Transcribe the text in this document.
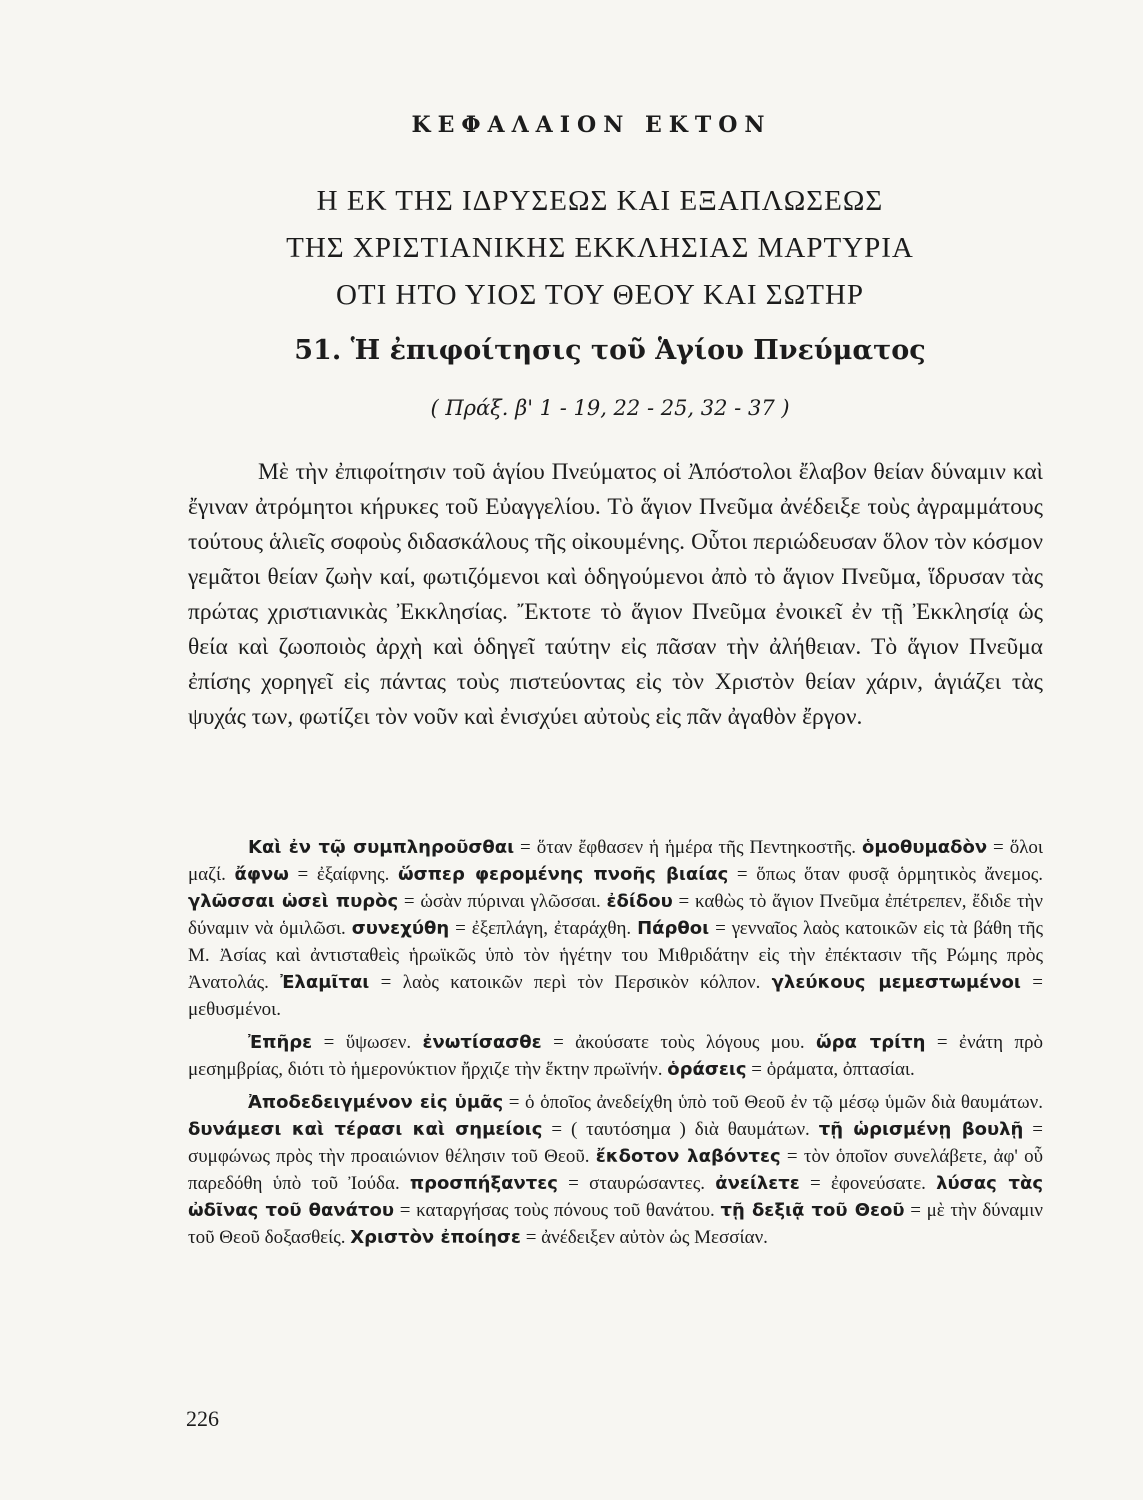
ΚΕΦΑΛΑΙΟΝ ΕΚΤΟΝ
Η ΕΚ ΤΗΣ ΙΔΡΥΣΕΩΣ ΚΑΙ ΕΞΑΠΛΩΣΕΩΣ
ΤΗΣ ΧΡΙΣΤΙΑΝΙΚΗΣ ΕΚΚΛΗΣΙΑΣ ΜΑΡΤΥΡΙΑ
ΟΤΙ ΗΤΟ ΥΙΟΣ ΤΟΥ ΘΕΟΥ ΚΑΙ ΣΩΤΗΡ
51. Ἡ ἐπιφοίτησις τοῦ Ἁγίου Πνεύματος
( Πράξ. β' 1 - 19, 22 - 25, 32 - 37 )

Μὲ τὴν ἐπιφοίτησιν τοῦ ἁγίου Πνεύματος οἱ Ἀπόστολοι ἔλαβον θείαν δύναμιν καὶ ἔγιναν ἀτρόμητοι κήρυκες τοῦ Εὐαγγελίου. Τὸ ἅγιον Πνεῦμα ἀνέδειξε τοὺς ἀγραμμάτους τούτους ἁλιεῖς σοφοὺς διδασκάλους τῆς οἰκουμένης. Οὗτοι περιώδευσαν ὅλον τὸν κόσμον γεμᾶτοι θείαν ζωὴν καί, φωτιζόμενοι καὶ ὁδηγούμενοι ἀπὸ τὸ ἅγιον Πνεῦμα, ἵδρυσαν τὰς πρώτας χριστιανικὰς Ἐκκλησίας. Ἔκτοτε τὸ ἅγιον Πνεῦμα ἐνοικεῖ ἐν τῇ Ἐκκλησίᾳ ὡς θεία καὶ ζωοποιὸς ἀρχὴ καὶ ὁδηγεῖ ταύτην εἰς πᾶσαν τὴν ἀλήθειαν. Τὸ ἅγιον Πνεῦμα ἐπίσης χορηγεῖ εἰς πάντας τοὺς πιστεύοντας εἰς τὸν Χριστὸν θείαν χάριν, ἁγιάζει τὰς ψυχάς των, φωτίζει τὸν νοῦν καὶ ἐνισχύει αὐτοὺς εἰς πᾶν ἀγαθὸν ἔργον.

Καὶ ἐν τῷ συμπληροῦσθαι = ὅταν ἔφθασεν ἡ ἡμέρα τῆς Πεντηκοστῆς. ὁμοθυμαδὸν = ὅλοι μαζί. ἄφνω = ἐξαίφνης. ὥσπερ φερομένης πνοῆς βιαίας = ὅπως ὅταν φυσᾷ ὁρμητικὸς ἄνεμος. γλῶσσαι ὡσεὶ πυρὸς = ὡσὰν πύριναι γλῶσσαι. ἐδίδου = καθὼς τὸ ἅγιον Πνεῦμα ἐπέτρεπεν, ἔδιδε τὴν δύναμιν νὰ ὁμιλῶσι. συνεχύθη = ἐξεπλάγη, ἐταράχθη. Πάρθοι = γενναῖος λαὸς κατοικῶν εἰς τὰ βάθη τῆς Μ. Ἀσίας καὶ ἀντισταθεὶς ἡρωϊκῶς ὑπὸ τὸν ἡγέτην του Μιθριδάτην εἰς τὴν ἐπέκτασιν τῆς Ρώμης πρὸς Ἀνατολάς. Ἐλαμῖται = λαὸς κατοικῶν περὶ τὸν Περσικὸν κόλπον. γλεύκους μεμεστωμένοι = μεθυσμένοι.

Ἐπῆρε = ὕψωσεν. ἐνωτίσασθε = ἀκούσατε τοὺς λόγους μου. ὥρα τρίτη = ἐνάτη πρὸ μεσημβρίας, διότι τὸ ἡμερονύκτιον ἤρχιζε τὴν ἕκτην πρωϊνήν. ὁράσεις = ὁράματα, ὀπτασίαι.

Ἀποδεδειγμένον εἰς ὑμᾶς = ὁ ὁποῖος ἀνεδείχθη ὑπὸ τοῦ Θεοῦ ἐν τῷ μέσῳ ὑμῶν διὰ θαυμάτων. δυνάμεσι καὶ τέρασι καὶ σημείοις = ( ταυτόσημα ) διὰ θαυμάτων. τῇ ὡρισμένῃ βουλῇ = συμφώνως πρὸς τὴν προαιώνιον θέλησιν τοῦ Θεοῦ. ἔκδοτον λαβόντες = τὸν ὁποῖον συνελάβετε, ἀφ' οὗ παρεδόθη ὑπὸ τοῦ Ἰούδα. προσπήξαντες = σταυρώσαντες. ἀνείλετε = ἐφονεύσατε. λύσας τὰς ὠδῖνας τοῦ θανάτου = καταργήσας τοὺς πόνους τοῦ θανάτου. τῇ δεξιᾷ τοῦ Θεοῦ = μὲ τὴν δύναμιν τοῦ Θεοῦ δοξασθείς. Χριστὸν ἐποίησε = ἀνέδειξεν αὐτὸν ὡς Μεσσίαν.

226
